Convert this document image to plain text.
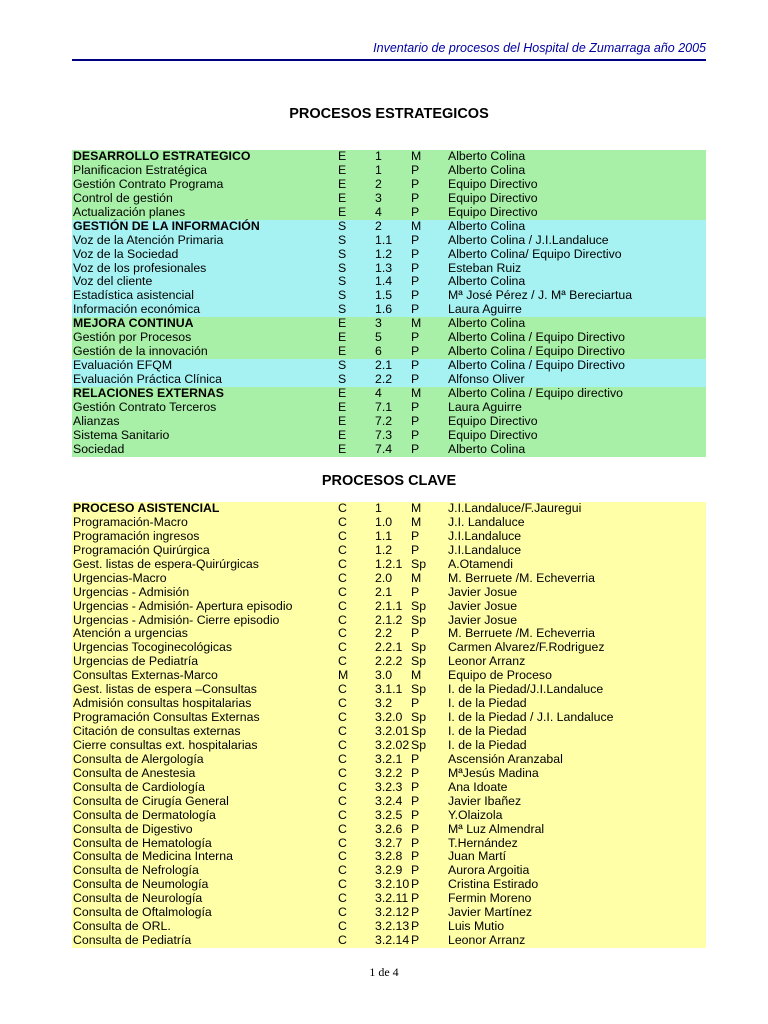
Inventario de procesos del Hospital de Zumarraga año 2005
PROCESOS ESTRATEGICOS
DESARROLLO ESTRATEGICO	E 1 M Alberto Colina
Planificacion Estratégica	E 1 P Alberto Colina
Gestión Contrato Programa	E 2 P Equipo Directivo
Control de gestión	E 3 P Equipo Directivo
Actualización planes	E 4 P Equipo Directivo
GESTIÓN DE LA INFORMACIÓN	S 2 M Alberto Colina
Voz de la Atención Primaria	S 1.1 P Alberto Colina / J.I.Landaluce
Voz de la Sociedad	S 1.2 P Alberto Colina/ Equipo Directivo
Voz de los profesionales	S 1.3 P Esteban Ruiz
Voz del cliente	S 1.4 P Alberto Colina
Estadística asistencial	S 1.5 P Mª José Pérez / J. Mª Bereciartua
Información económica	S 1.6 P Laura Aguirre
MEJORA CONTINUA	E 3 M Alberto Colina
Gestión por Procesos	E 5 P Alberto Colina / Equipo Directivo
Gestión de la innovación	E 6 P Alberto Colina / Equipo Directivo
Evaluación EFQM	S 2.1 P Alberto Colina / Equipo Directivo
Evaluación Práctica Clínica	S 2.2 P Alfonso Oliver
RELACIONES EXTERNAS	E 4 M Alberto Colina / Equipo directivo
Gestión Contrato Terceros	E 7.1 P Laura Aguirre
Alianzas	E 7.2 P Equipo Directivo
Sistema Sanitario	E 7.3 P Equipo Directivo
Sociedad	E 7.4 P Alberto Colina
PROCESOS CLAVE
PROCESO ASISTENCIAL	C 1 M J.I.Landaluce/F.Jauregui
Programación-Macro	C 1.0 M J.I. Landaluce
Programación ingresos	C 1.1 P J.I.Landaluce
Programación Quirúrgica	C 1.2 P J.I.Landaluce
Gest. listas de espera-Quirúrgicas	C 1.2.1 Sp A.Otamendi
Urgencias-Macro	C 2.0 M M. Berruete /M. Echeverria
Urgencias - Admisión	C 2.1 P Javier Josue
Urgencias - Admisión- Apertura episodio	C 2.1.1 Sp Javier Josue
Urgencias - Admisión- Cierre episodio	C 2.1.2 Sp Javier Josue
Atención a urgencias	C 2.2 P M. Berruete /M. Echeverria
Urgencias Tocoginecológicas	C 2.2.1 Sp Carmen Alvarez/F.Rodriguez
Urgencias de Pediatría	C 2.2.2 Sp Leonor Arranz
Consultas Externas-Marco	M 3.0 M Equipo de Proceso
Gest. listas de espera –Consultas	C 3.1.1 Sp I. de la Piedad/J.I.Landaluce
Admisión consultas hospitalarias	C 3.2 P I. de la Piedad
Programación Consultas Externas	C 3.2.0 Sp I. de la Piedad / J.I. Landaluce
Citación de consultas externas	C 3.2.01 Sp I. de la Piedad
Cierre consultas ext. hospitalarias	C 3.2.02 Sp I. de la Piedad
Consulta de Alergología	C 3.2.1 P Ascensión Aranzabal
Consulta de Anestesia	C 3.2.2 P MªJesús Madina
Consulta de Cardiología	C 3.2.3 P Ana Idoate
Consulta de Cirugía General	C 3.2.4 P Javier Ibañez
Consulta de Dermatología	C 3.2.5 P Y.Olaizola
Consulta de Digestivo	C 3.2.6 P Mª Luz Almendral
Consulta de Hematología	C 3.2.7 P T.Hernández
Consulta de Medicina Interna	C 3.2.8 P Juan Martí
Consulta de Nefrología	C 3.2.9 P Aurora Argoitia
Consulta de Neumología	C 3.2.10 P Cristina Estirado
Consulta de Neurología	C 3.2.11 P Fermin Moreno
Consulta de Oftalmología	C 3.2.12 P Javier Martínez
Consulta de ORL.	C 3.2.13 P Luis Mutio
Consulta de Pediatría	C 3.2.14 P Leonor Arranz
1 de 4
